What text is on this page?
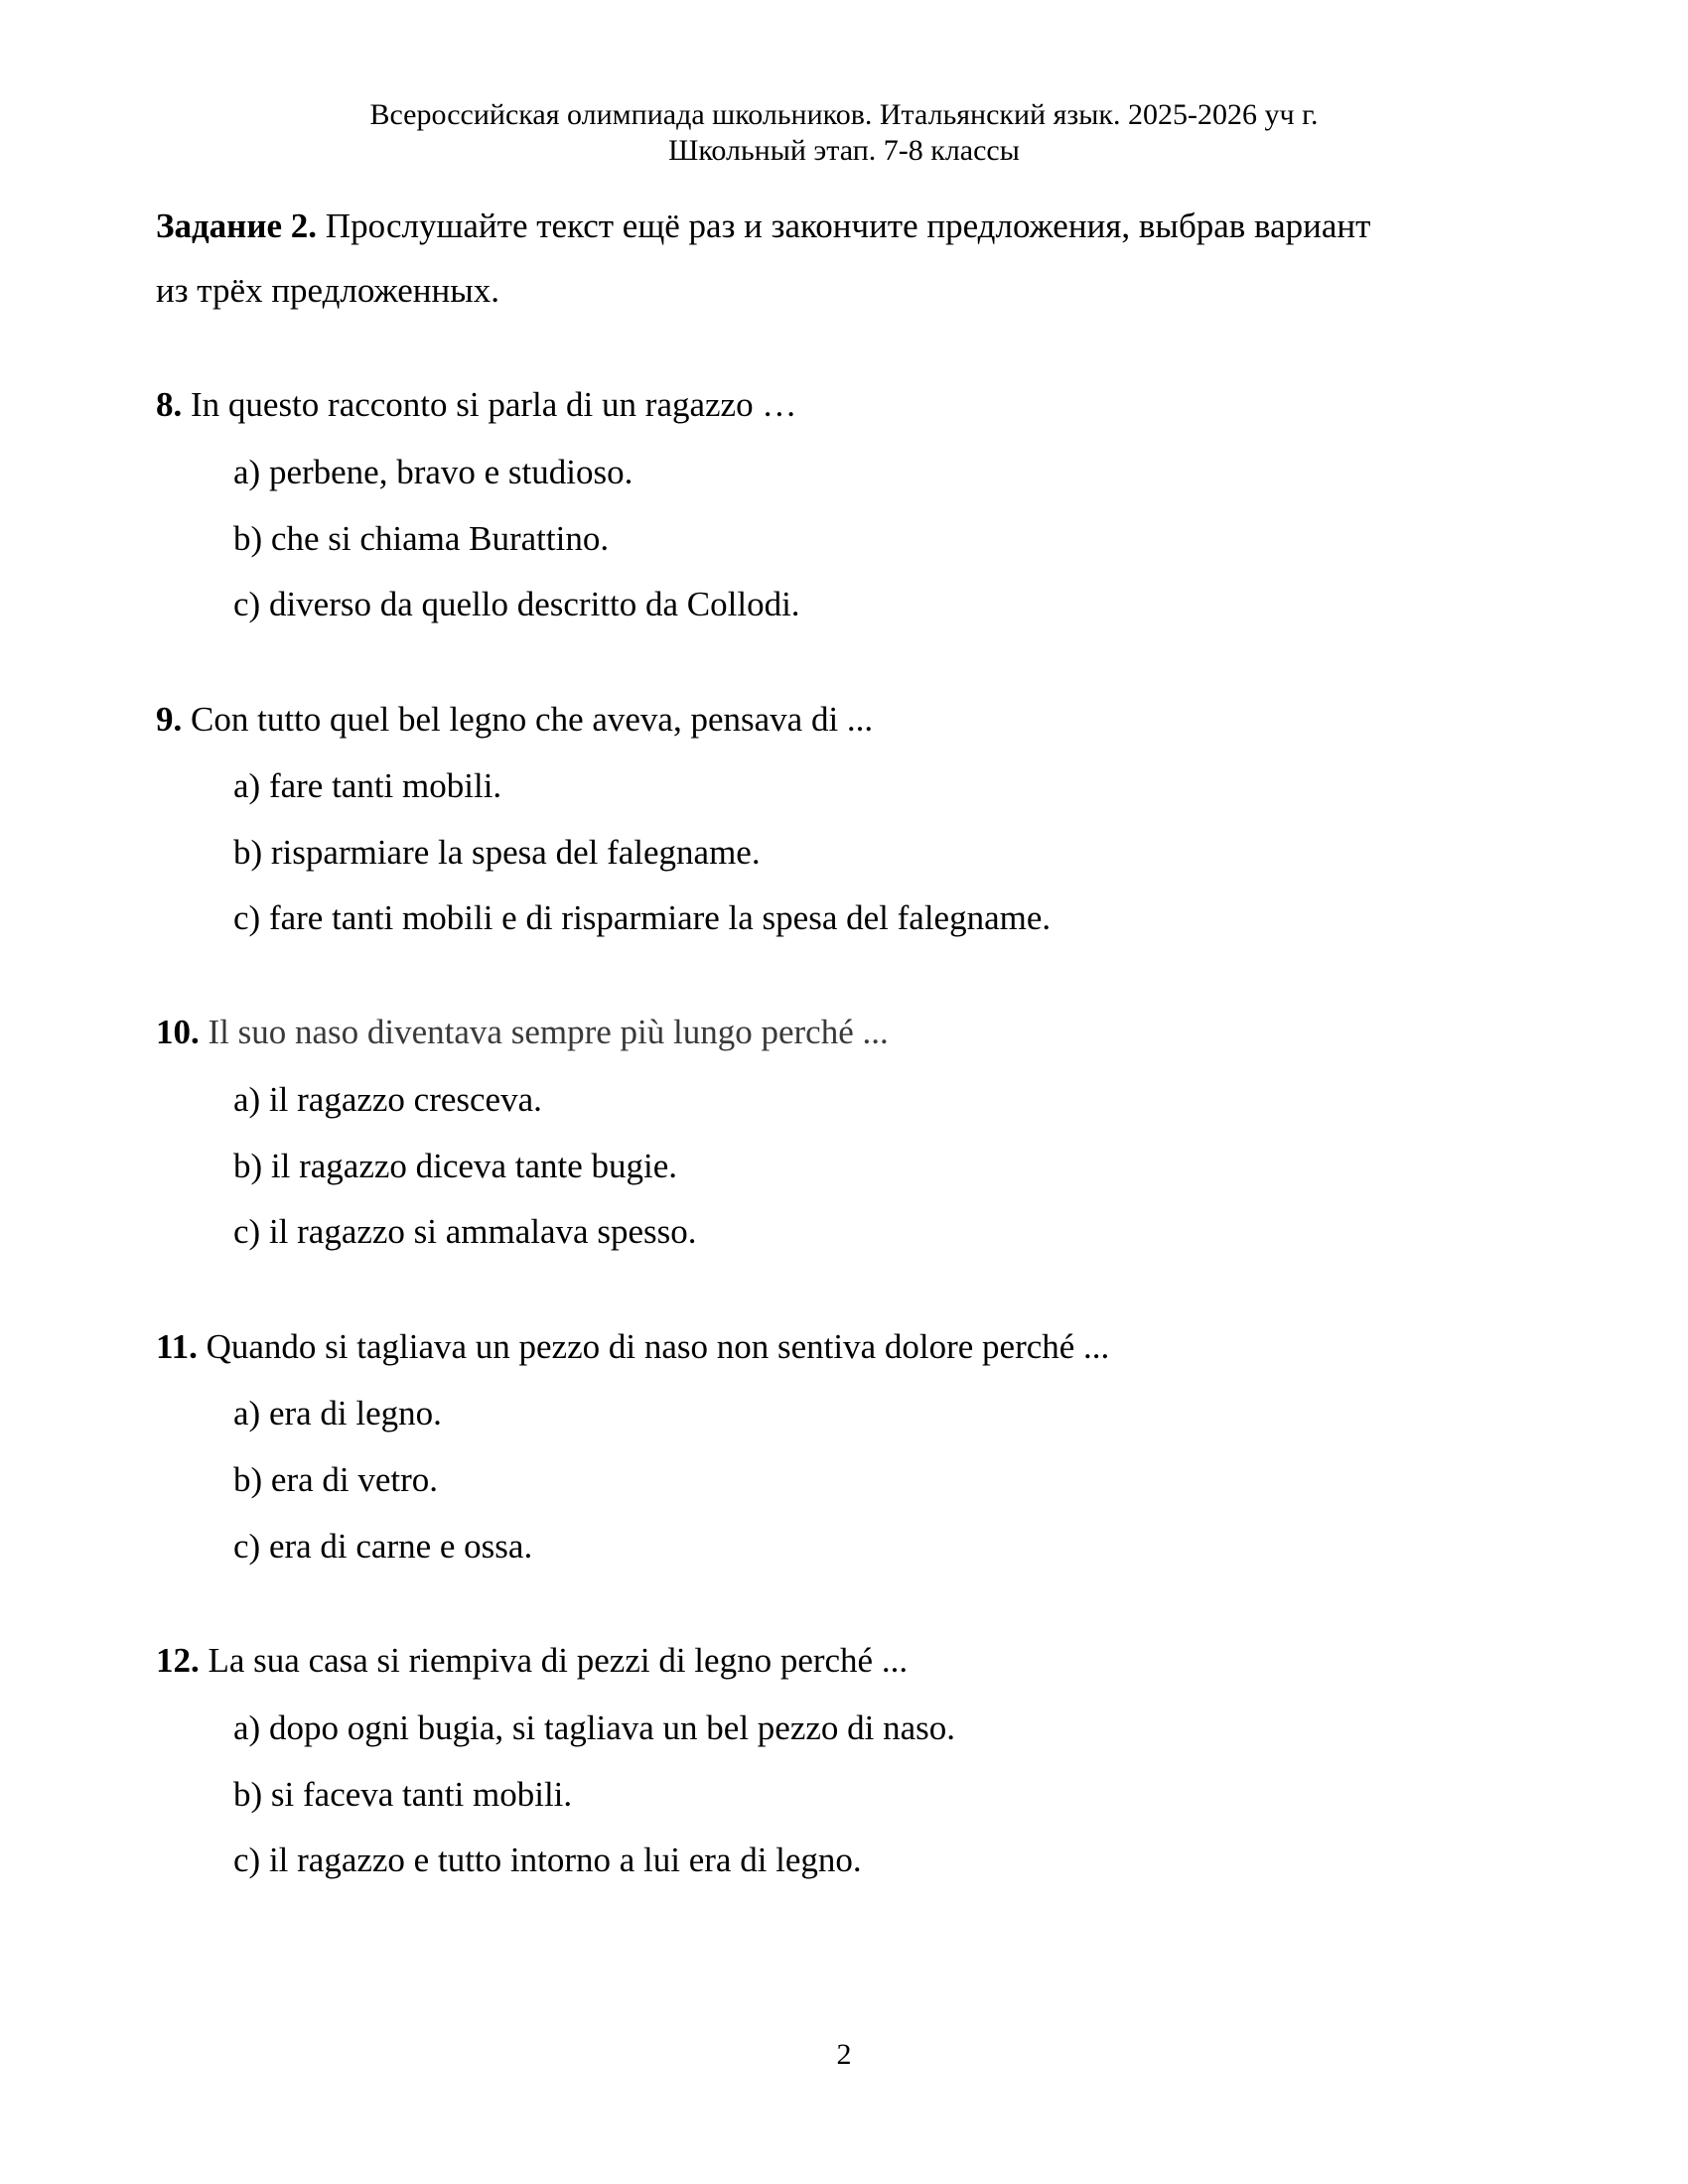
Всероссийская олимпиада школьников. Итальянский язык. 2025-2026 уч г.
Школьный этап. 7-8 классы
Задание 2. Прослушайте текст ещё раз и закончите предложения, выбрав вариант
из трёх предложенных.
8. In questo racconto si parla di un ragazzo …
a) perbene, bravo e studioso.
b) che si chiama Burattino.
c) diverso da quello descritto da Collodi.
9. Con tutto quel bel legno che aveva, pensava di ...
a) fare tanti mobili.
b) risparmiare la spesa del falegname.
c) fare tanti mobili e di risparmiare la spesa del falegname.
10. Il suo naso diventava sempre più lungo perché ...
a) il ragazzo cresceva.
b) il ragazzo diceva tante bugie.
c) il ragazzo si ammalava spesso.
11. Quando si tagliava un pezzo di naso non sentiva dolore perché ...
a) era di legno.
b) era di vetro.
c) era di carne e ossa.
12. La sua casa si riempiva di pezzi di legno perché ...
a) dopo ogni bugia, si tagliava un bel pezzo di naso.
b) si faceva tanti mobili.
c) il ragazzo e tutto intorno a lui era di legno.
2
